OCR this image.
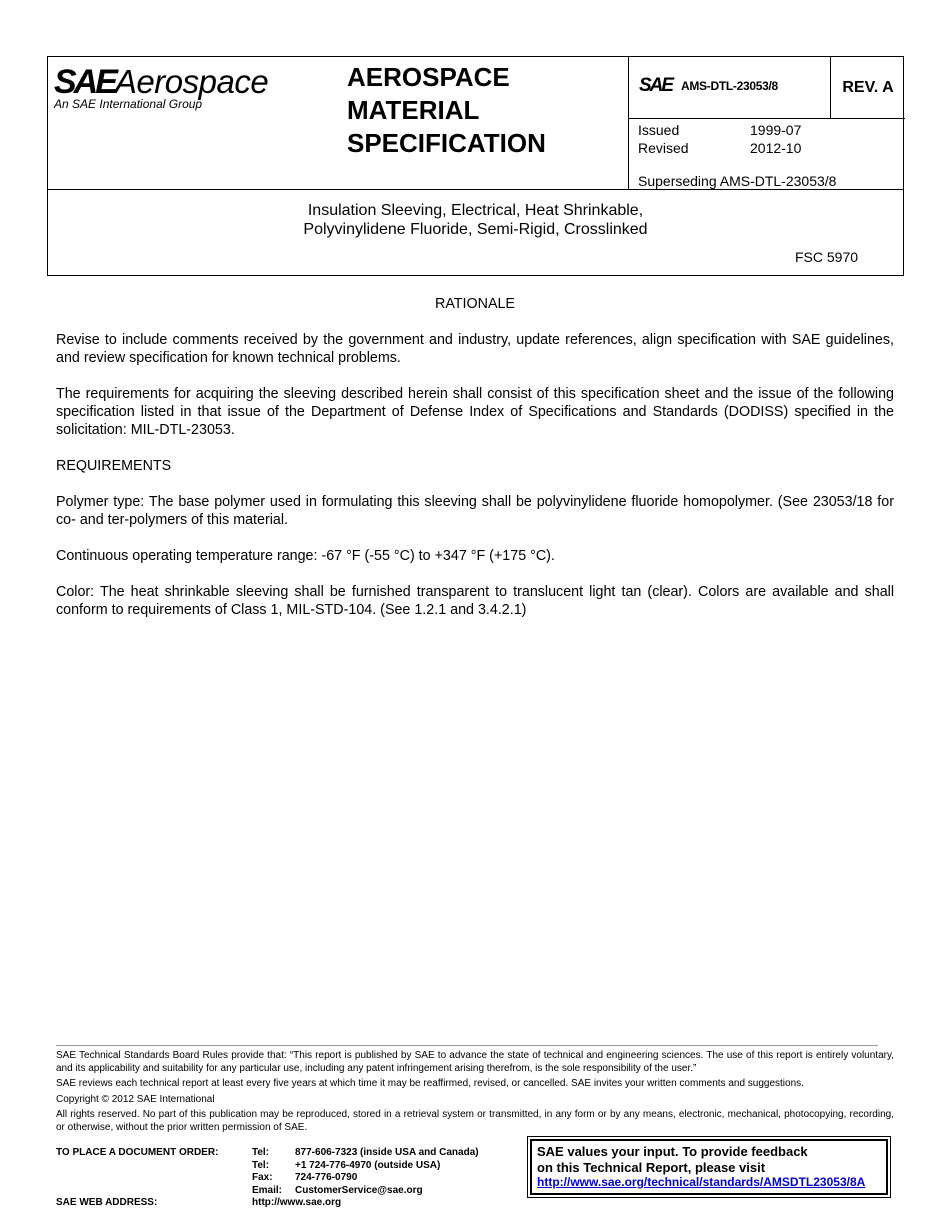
SAEAerospace
An SAE International Group
AEROSPACE
MATERIAL
SPECIFICATION
SAE AMS-DTL-23053/8	REV. A
Issued	1999-07
Revised	2012-10
Superseding AMS-DTL-23053/8
Insulation Sleeving, Electrical, Heat Shrinkable,
Polyvinylidene Fluoride, Semi-Rigid, Crosslinked
FSC 5970
RATIONALE

Revise to include comments received by the government and industry, update references, align specification with SAE guidelines, and review specification for known technical problems.

The requirements for acquiring the sleeving described herein shall consist of this specification sheet and the issue of the following specification listed in that issue of the Department of Defense Index of Specifications and Standards (DODISS) specified in the solicitation: MIL-DTL-23053.

REQUIREMENTS

Polymer type: The base polymer used in formulating this sleeving shall be polyvinylidene fluoride homopolymer. (See 23053/18 for co- and ter-polymers of this material.

Continuous operating temperature range: -67 °F (-55 °C) to +347 °F (+175 °C).

Color: The heat shrinkable sleeving shall be furnished transparent to translucent light tan (clear). Colors are available and shall conform to requirements of Class 1, MIL-STD-104. (See 1.2.1 and 3.4.2.1)

SAE Technical Standards Board Rules provide that: “This report is published by SAE to advance the state of technical and engineering sciences. The use of this report is entirely voluntary, and its applicability and suitability for any particular use, including any patent infringement arising therefrom, is the sole responsibility of the user.”

SAE reviews each technical report at least every five years at which time it may be reaffirmed, revised, or cancelled. SAE invites your written comments and suggestions.

Copyright © 2012 SAE International

All rights reserved. No part of this publication may be reproduced, stored in a retrieval system or transmitted, in any form or by any means, electronic, mechanical, photocopying, recording, or otherwise, without the prior written permission of SAE.

TO PLACE A DOCUMENT ORDER:	Tel:	877-606-7323 (inside USA and Canada)
Tel:	+1 724-776-4970 (outside USA)
Fax:	724-776-0790
Email:	CustomerService@sae.org
SAE WEB ADDRESS:	http://www.sae.org
SAE values your input. To provide feedback
on this Technical Report, please visit
http://www.sae.org/technical/standards/AMSDTL23053/8A
